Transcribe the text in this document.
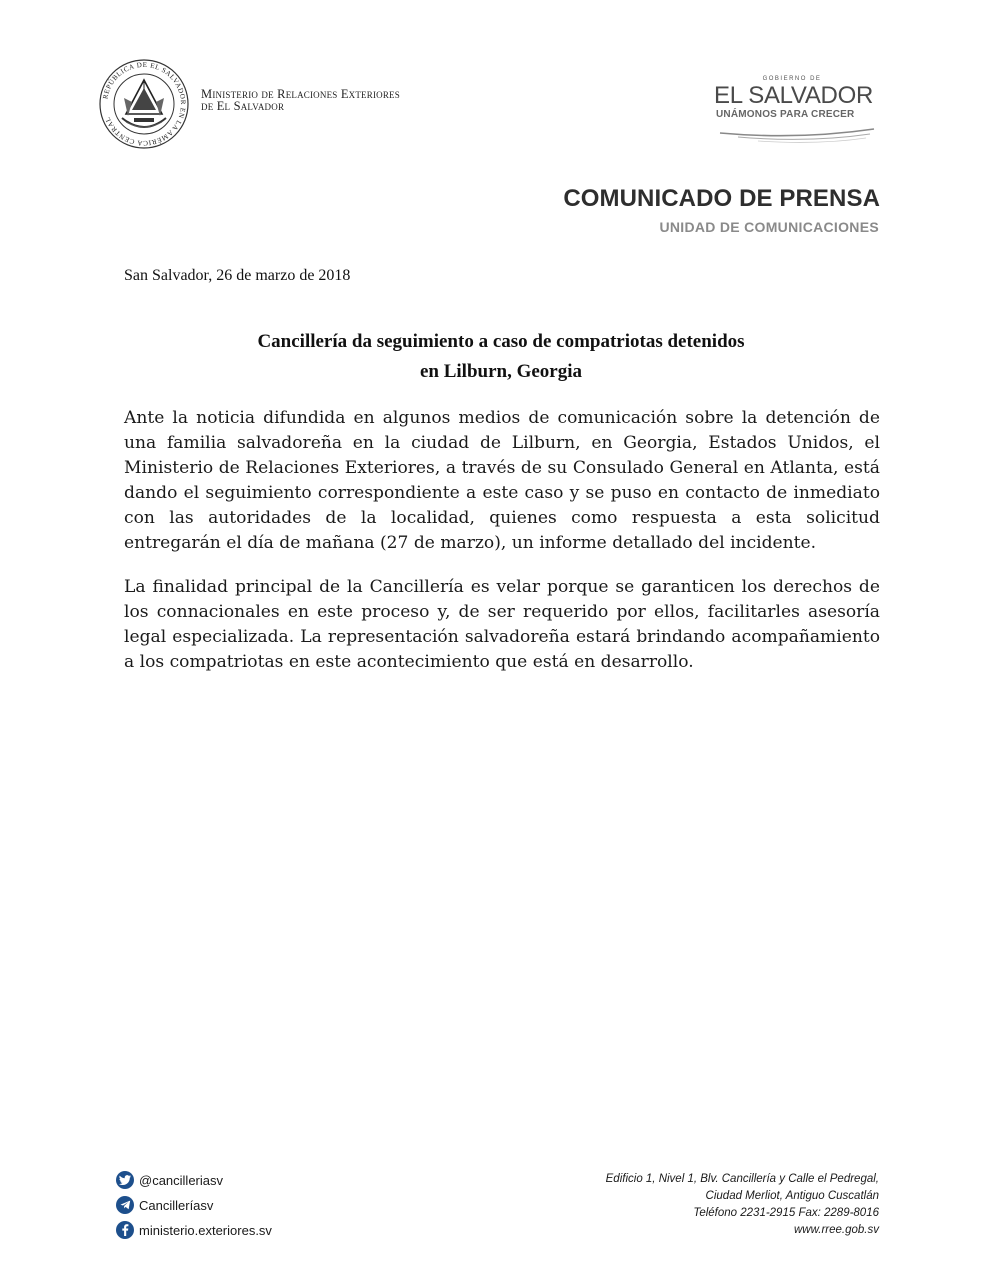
REPÚBLICA DE EL SALVADOR EN LA AMÉRICA CENTRAL
Ministerio de Relaciones Exteriores
de El Salvador
GOBIERNO DE
EL SALVADOR
UNÁMONOS PARA CRECER
COMUNICADO DE PRENSA
UNIDAD DE COMUNICACIONES
San Salvador, 26 de marzo de 2018
Cancillería da seguimiento a caso de compatriotas detenidos
en Lilburn, Georgia

Ante la noticia difundida en algunos medios de comunicación sobre la detención de una familia salvadoreña en la ciudad de Lilburn, en Georgia, Estados Unidos, el Ministerio de Relaciones Exteriores, a través de su Consulado General en Atlanta, está dando el seguimiento correspondiente a este caso y se puso en contacto de inmediato con las autoridades de la localidad, quienes como respuesta a esta solicitud entregarán el día de mañana (27 de marzo), un informe detallado del incidente.

La finalidad principal de la Cancillería es velar porque se garanticen los derechos de los connacionales en este proceso y, de ser requerido por ellos, facilitarles asesoría legal especializada. La representación salvadoreña estará brindando acompañamiento a los compatriotas en este acontecimiento que está en desarrollo.

@cancilleriasv
Cancilleríasv
ministerio.exteriores.sv
Edificio 1, Nivel 1, Blv. Cancillería y Calle el Pedregal,
Ciudad Merliot, Antiguo Cuscatlán
Teléfono 2231-2915 Fax: 2289-8016
www.rree.gob.sv
